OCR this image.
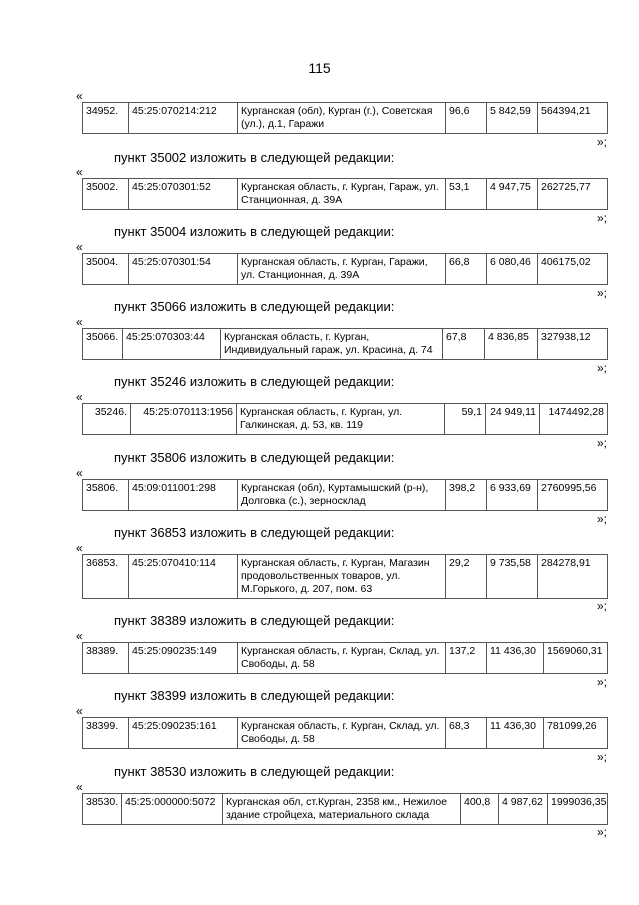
115
«
34952.	45:25:070214:212	Курганская (обл), Курган (г.), Советская (ул.), д.1, Гаражи	96,6	5 842,59	564394,21
»;
пункт 35002 изложить в следующей редакции:
«
35002.	45:25:070301:52	Курганская область, г. Курган, Гараж, ул. Станционная, д. 39А	53,1	4 947,75	262725,77
»;
пункт 35004 изложить в следующей редакции:
«
35004.	45:25:070301:54	Курганская область, г. Курган, Гаражи, ул. Станционная, д. 39А	66,8	6 080,46	406175,02
»;
пункт 35066 изложить в следующей редакции:
«
35066.	45:25:070303:44	Курганская область, г. Курган, Индивидуальный гараж, ул. Красина, д. 74	67,8	4 836,85	327938,12
»;
пункт 35246 изложить в следующей редакции:
«
35246.	45:25:070113:1956	Курганская область, г. Курган, ул. Галкинская, д. 53, кв. 119	59,1	24 949,11	1474492,28
»;
пункт 35806 изложить в следующей редакции:
«
35806.	45:09:011001:298	Курганская (обл), Куртамышский (р-н), Долговка (с.), зерносклад	398,2	6 933,69	2760995,56
»;
пункт 36853 изложить в следующей редакции:
«
36853.	45:25:070410:114	Курганская область, г. Курган, Магазин продовольственных товаров, ул. М.Горького, д. 207, пом. 63	29,2	9 735,58	284278,91
»;
пункт 38389 изложить в следующей редакции:
«
38389.	45:25:090235:149	Курганская область, г. Курган, Склад, ул. Свободы, д. 58	137,2	11 436,30	1569060,31
»;
пункт 38399 изложить в следующей редакции:
«
38399.	45:25:090235:161	Курганская область, г. Курган, Склад, ул. Свободы, д. 58	68,3	11 436,30	781099,26
»;
пункт 38530 изложить в следующей редакции:
«
38530.	45:25:000000:5072	Курганская обл, ст.Курган, 2358 км., Нежилое здание стройцеха, материального склада	400,8	4 987,62	1999036,35
»;
